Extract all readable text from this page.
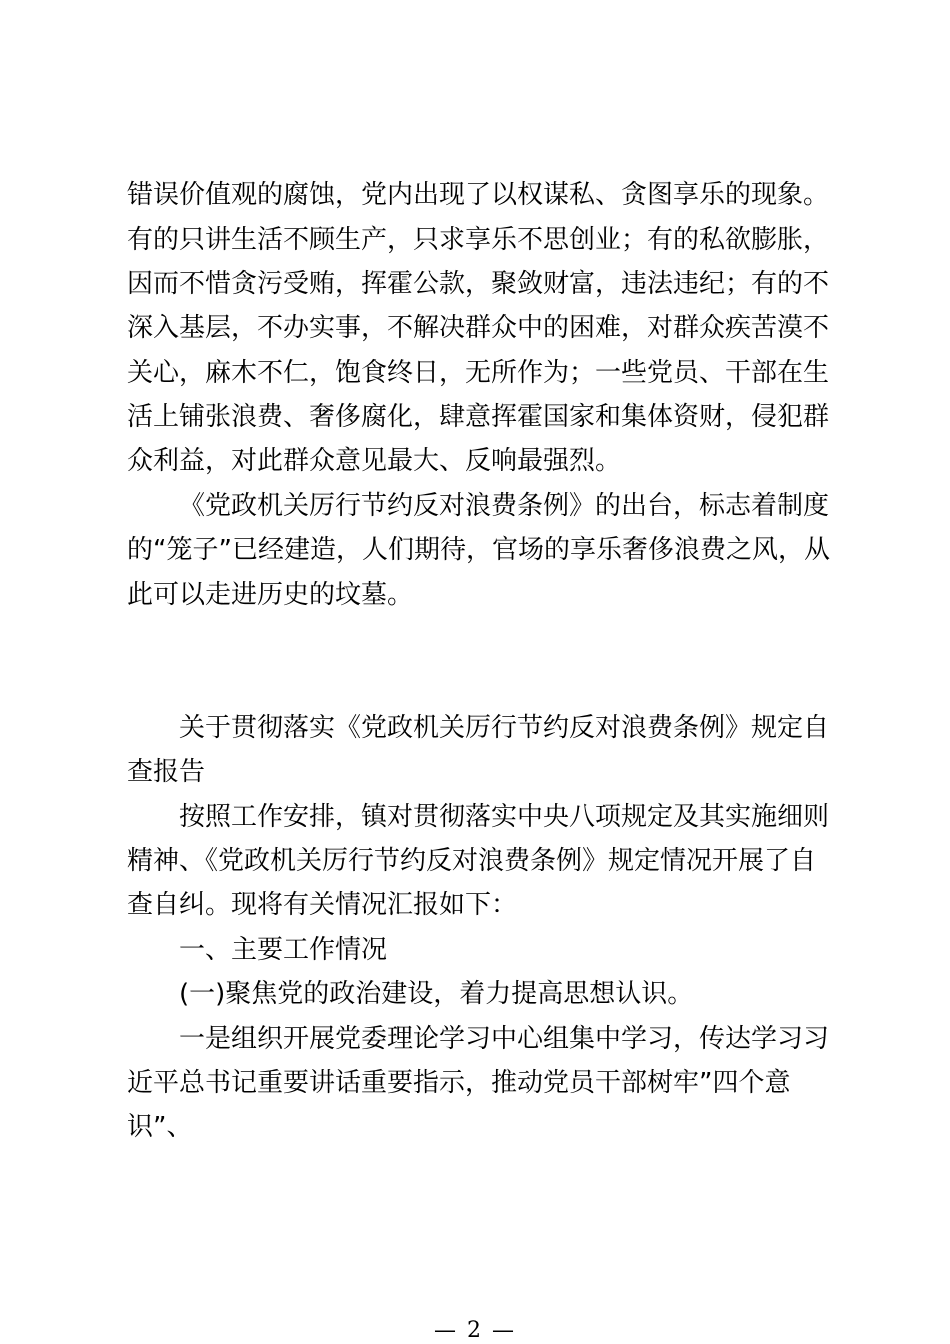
错误价值观的腐蚀，党内出现了以权谋私、贪图享乐的现象。

有的只讲生活不顾生产，只求享乐不思创业；有的私欲膨胀，

因而不惜贪污受贿，挥霍公款，聚敛财富，违法违纪；有的不

深入基层，不办实事，不解决群众中的困难，对群众疾苦漠不

关心，麻木不仁，饱食终日，无所作为；一些党员、干部在生

活上铺张浪费、奢侈腐化，肆意挥霍国家和集体资财，侵犯群

众利益，对此群众意见最大、反响最强烈。

《党政机关厉行节约反对浪费条例》的出台，标志着制度

的“笼子”已经建造，人们期待，官场的享乐奢侈浪费之风，从

此可以走进历史的坟墓。

关于贯彻落实《党政机关厉行节约反对浪费条例》规定自

查报告

按照工作安排，镇对贯彻落实中央八项规定及其实施细则

精神、《党政机关厉行节约反对浪费条例》规定情况开展了自

查自纠。现将有关情况汇报如下：

一、主要工作情况

(一)聚焦党的政治建设，着力提高思想认识。

一是组织开展党委理论学习中心组集中学习，传达学习习

近平总书记重要讲话重要指示，推动党员干部树牢”四个意

识”、

— 2 —
